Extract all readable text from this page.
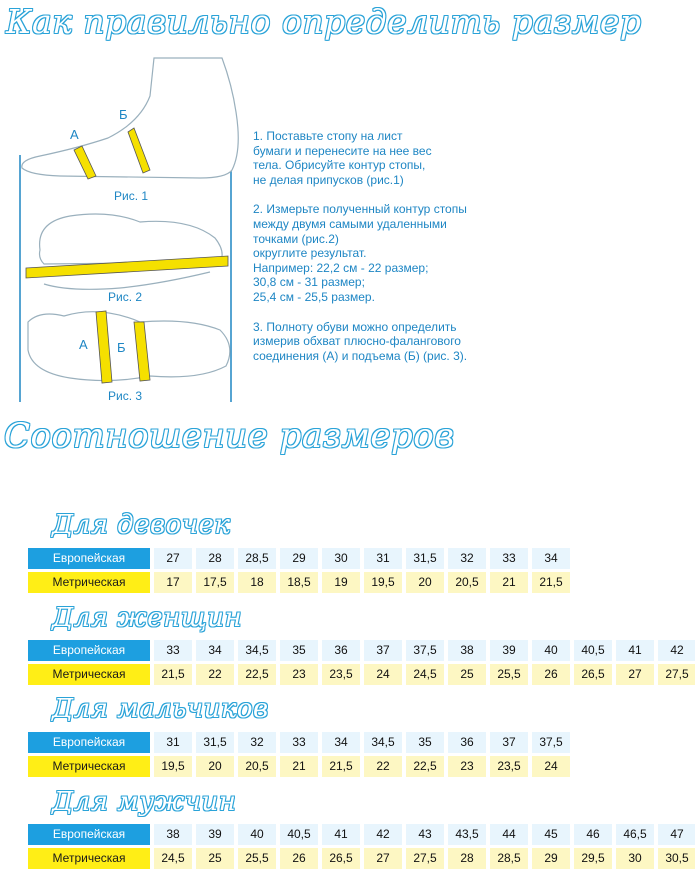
Как правильно определить размер
А
Б
Рис. 1
Рис. 2
А Б
Рис. 3

1. Поставьте стопу на лист
бумаги и перенесите на нее вес
тела. Обрисуйте контур стопы,
не делая припусков (рис.1)

2. Измерьте полученный контур стопы
между двумя самыми удаленными
точками (рис.2)
округлите результат.
Например: 22,2 см - 22 размер;
30,8 см - 31 размер;
25,4 см - 25,5 размер.

3. Полноту обуви можно определить
измерив обхват плюсно-фалангового
соединения (А) и подъема (Б) (рис. 3).

Соотношение размеров
Для девочек
Европейская	27	28	28,5	29	30	31	31,5	32	33	34
Метрическая	17	17,5	18	18,5	19	19,5	20	20,5	21	21,5
Для женщин
Европейская	33	34	34,5	35	36	37	37,5	38	39	40	40,5	41	42
Метрическая	21,5	22	22,5	23	23,5	24	24,5	25	25,5	26	26,5	27	27,5
Для мальчиков
Европейская	31	31,5	32	33	34	34,5	35	36	37	37,5
Метрическая	19,5	20	20,5	21	21,5	22	22,5	23	23,5	24
Для мужчин
Европейская	38	39	40	40,5	41	42	43	43,5	44	45	46	46,5	47
Метрическая	24,5	25	25,5	26	26,5	27	27,5	28	28,5	29	29,5	30	30,5
